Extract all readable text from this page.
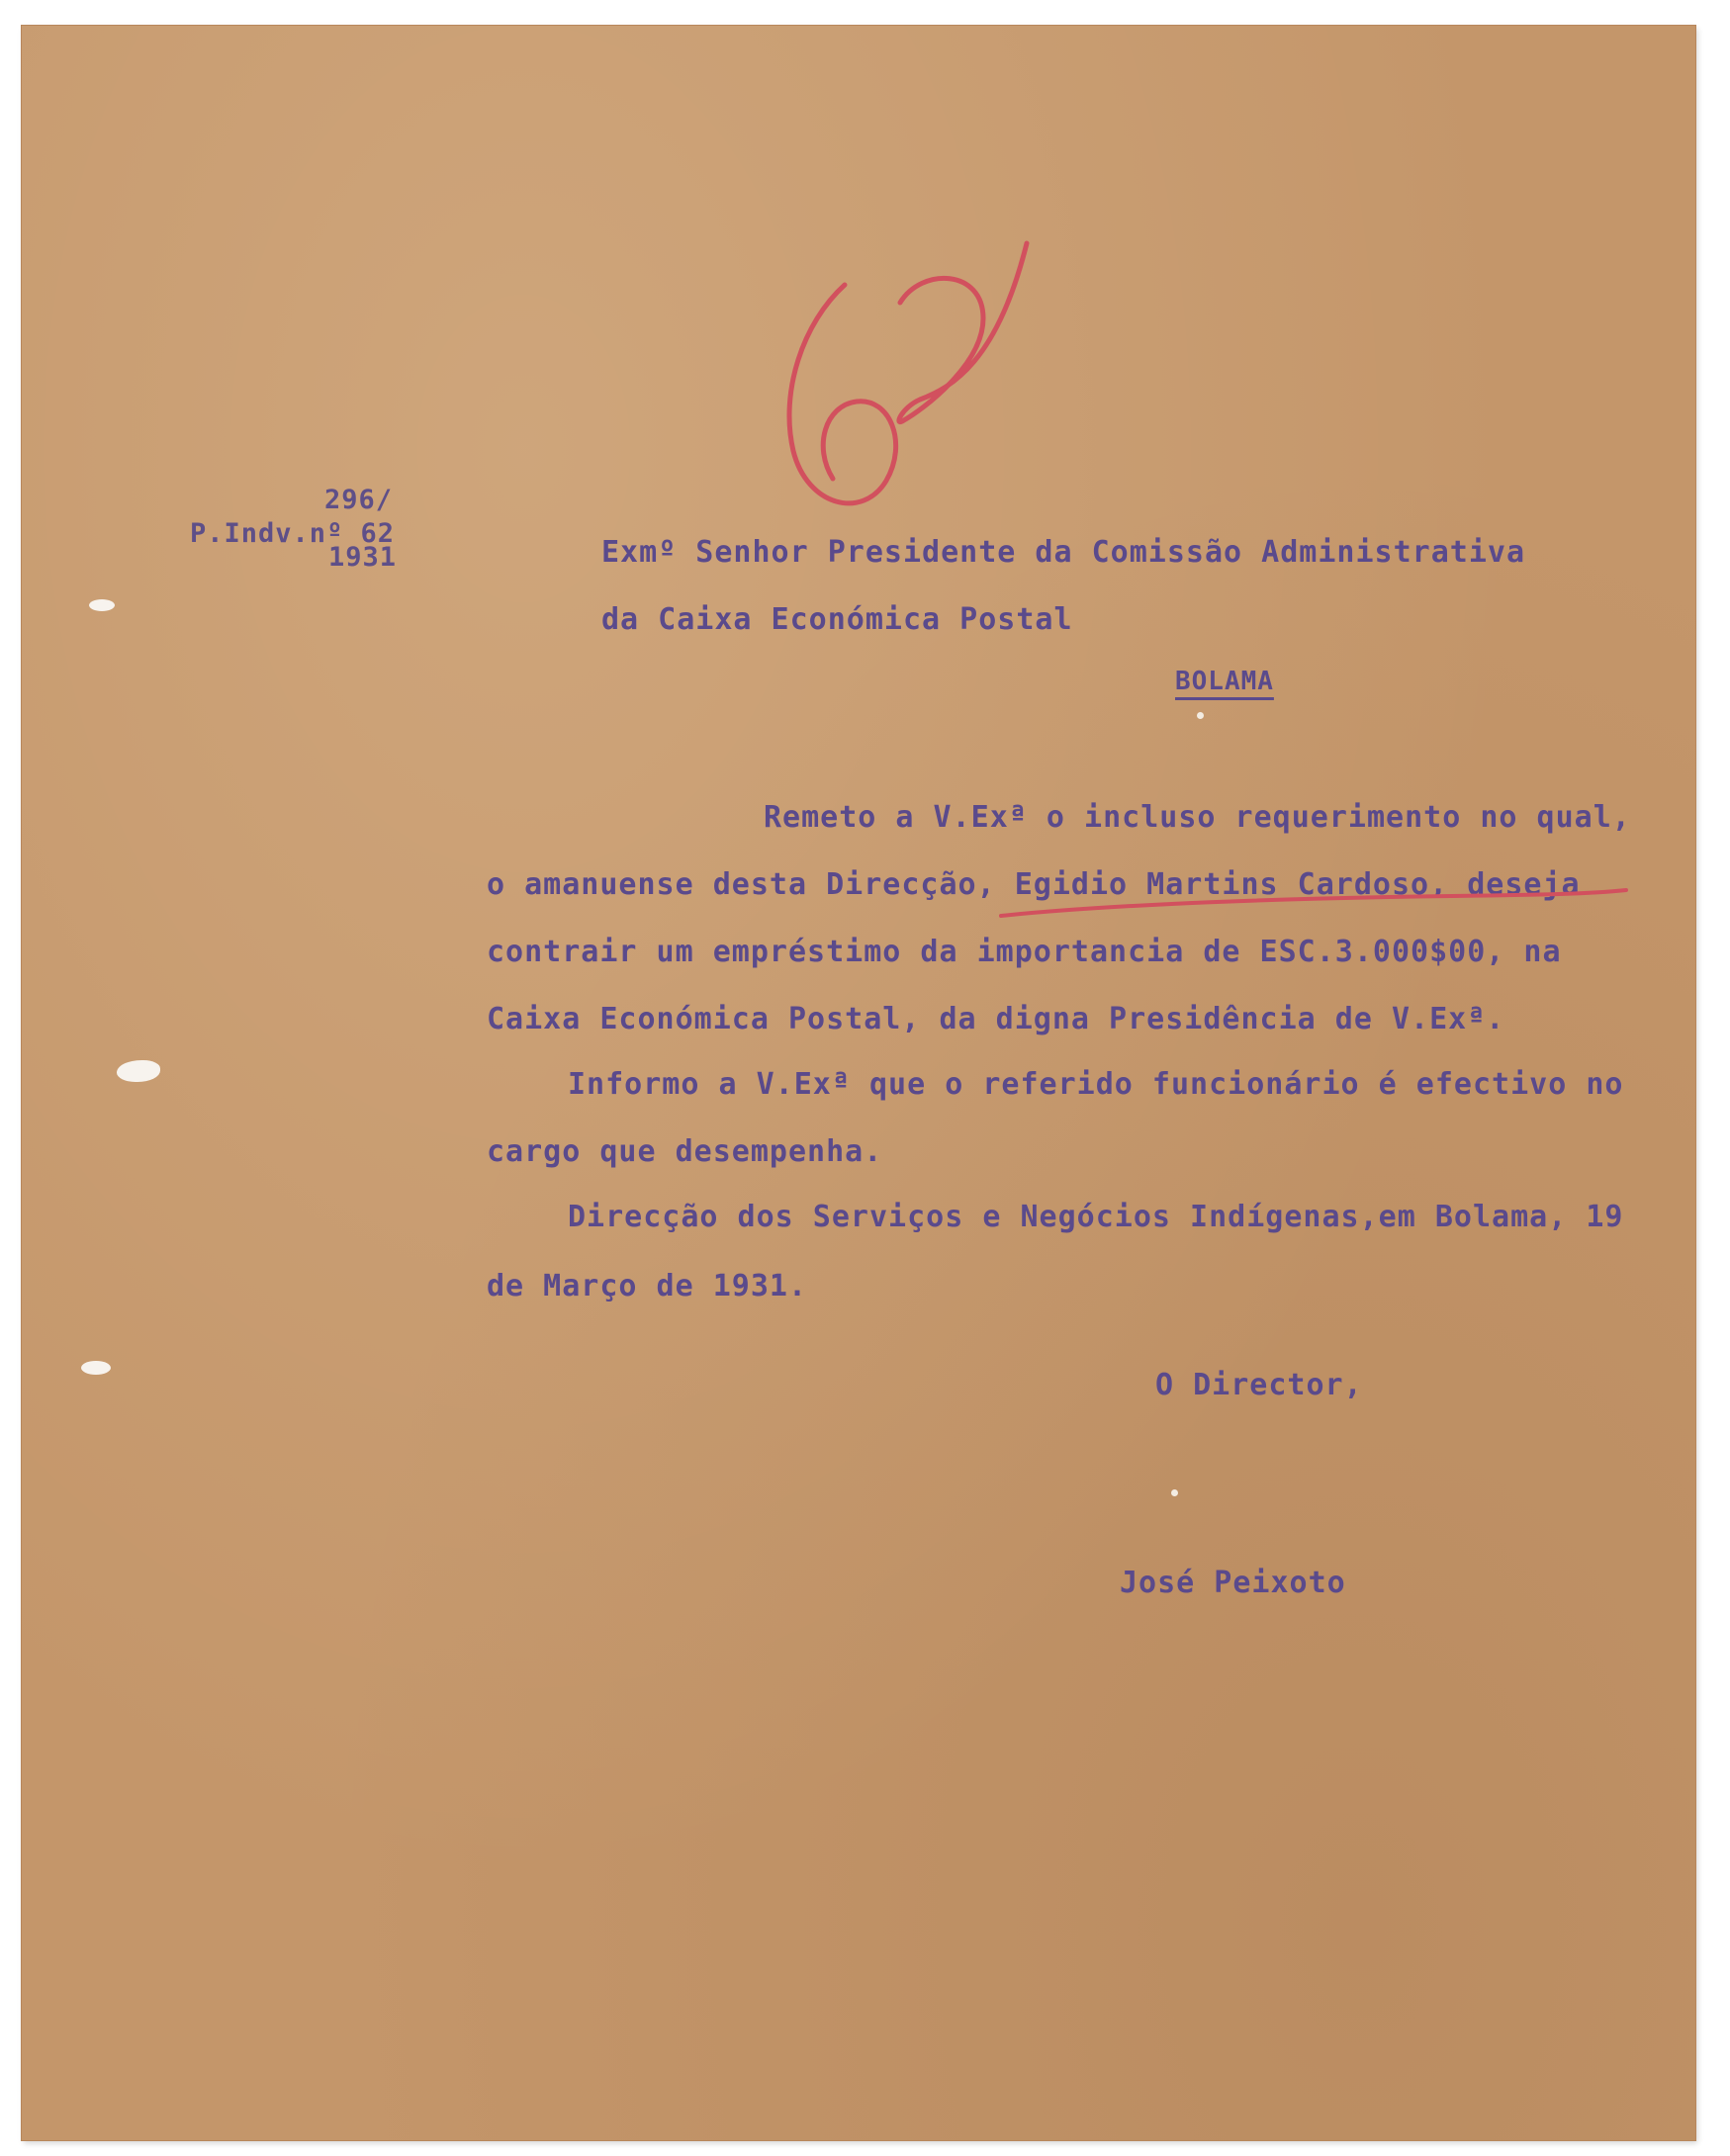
296/
P.Indv.nº 62
1931	Exmº Senhor Presidente da Comissão Administrativa
da Caixa Económica Postal
BOLAMA
Remeto a V.Exª o incluso requerimento no qual,
o amanuense desta Direcção, Egidio Martins Cardoso, deseja
contrair um empréstimo da importancia de ESC.3.000$00, na
Caixa Económica Postal, da digna Presidência de V.Exª.
Informo a V.Exª que o referido funcionário é efectivo no
cargo que desempenha.
Direcção dos Serviços e Negócios Indígenas,em Bolama, 19
de Março de 1931.
O Director,
José Peixoto
